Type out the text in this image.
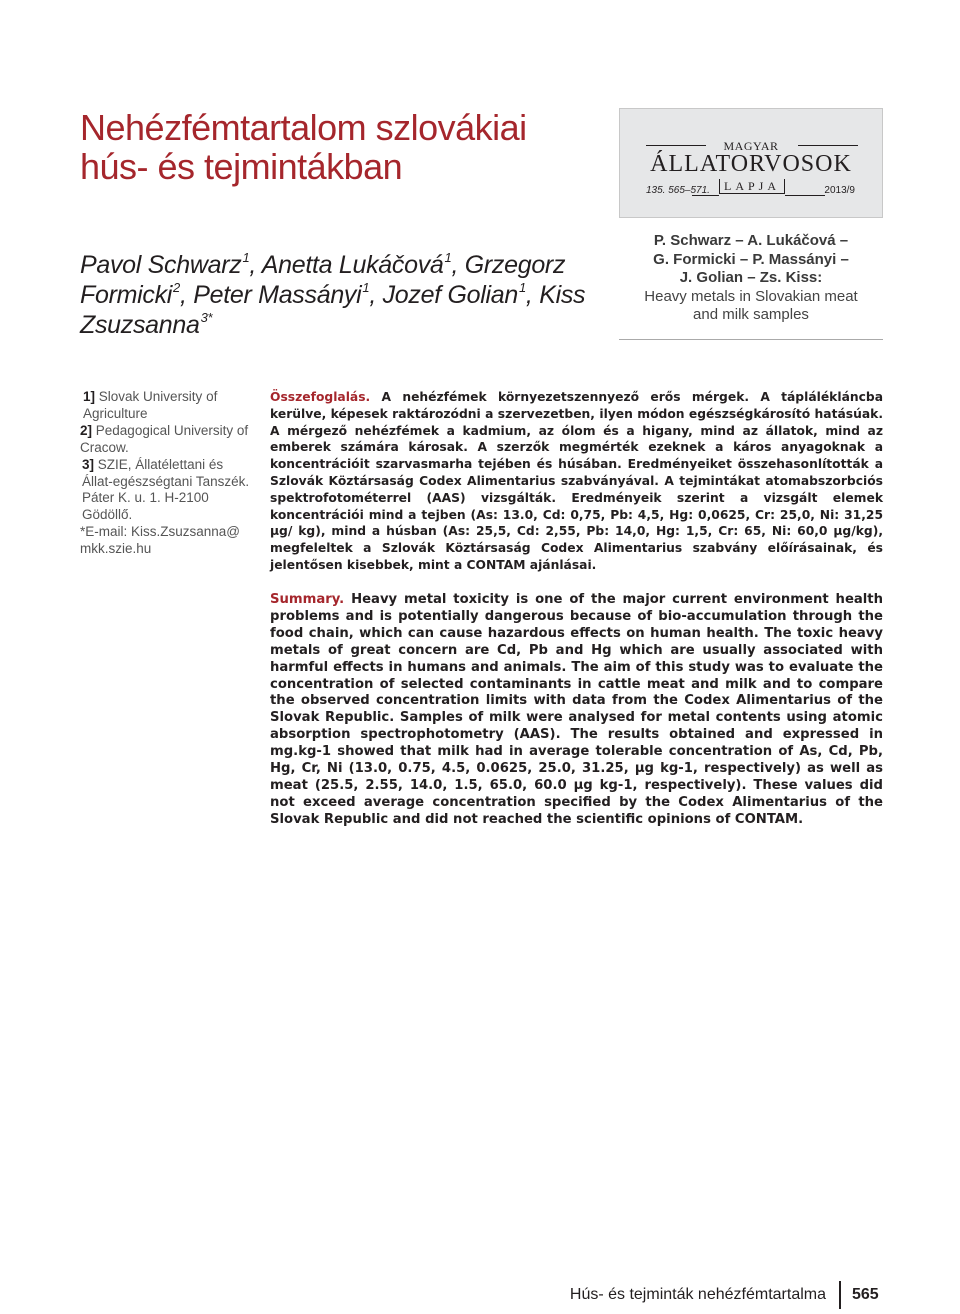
Nehézfémtartalom szlovákiai hús- és tejmintákban
Pavol Schwarz$^1$, Anetta Lukáčová$^1$, Grzegorz Formicki$^2$, Peter Massányi$^1$, Jozef Golian$^1$, Kiss Zsuzsanna$^{3*}$
MAGYAR
ÁLLATORVOSOK
LAPJA
135. 565–571.	2013/9
P. Schwarz – A. Lukáčová –
G. Formicki – P. Massányi –
J. Golian – Zs. Kiss:
Heavy metals in Slovakian meat
and milk samples
1] Slovak University of Agriculture
2] Pedagogical University of Cracow.
3] SZIE, Állatélettani és Állat-egészségtani Tanszék. Páter K. u. 1. H-2100 Gödöllő.
*E-mail: Kiss.Zsuzsanna@ mkk.szie.hu

Összefoglalás. A nehézfémek környezetszennyező erős mérgek. A táplálékláncba kerülve, képesek raktározódni a szervezetben, ilyen módon egészségkárosító hatásúak. A mérgező nehézfémek a kadmium, az ólom és a higany, mind az állatok, mind az emberek számára károsak. A szerzők megmérték ezeknek a káros anyagoknak a koncentrációit szarvasmarha tejében és húsában. Eredményeiket összehasonlították a Szlovák Köztársaság Codex Alimentarius szabványával. A tejmintákat atomabszorbciós spektrofotométerrel (AAS) vizsgálták. Eredményeik szerint a vizsgált elemek koncentrációi mind a tejben (As: 13.0, Cd: 0,75, Pb: 4,5, Hg: 0,0625, Cr: 25,0, Ni: 31,25 μg/ kg), mind a húsban (As: 25,5, Cd: 2,55, Pb: 14,0, Hg: 1,5, Cr: 65, Ni: 60,0 μg/kg), megfeleltek a Szlovák Köztársaság Codex Alimentarius szabvány előírásainak, és jelentősen kisebbek, mint a CONTAM ajánlásai.

Summary. Heavy metal toxicity is one of the major current environment health problems and is potentially dangerous because of bio-accumulation through the food chain, which can cause hazardous effects on human health. The toxic heavy metals of great concern are Cd, Pb and Hg which are usually associated with harmful effects in humans and animals. The aim of this study was to evaluate the concentration of selected contaminants in cattle meat and milk and to compare the observed concentration limits with data from the Codex Alimentarius of the Slovak Republic. Samples of milk were analysed for metal contents using atomic absorption spectrophotometry (AAS). The results obtained and expressed in mg.kg-1 showed that milk had in average tolerable concentration of As, Cd, Pb, Hg, Cr, Ni (13.0, 0.75, 4.5, 0.0625, 25.0, 31.25, µg kg-1, respectively) as well as meat (25.5, 2.55, 14.0, 1.5, 65.0, 60.0 µg kg-1, respectively). These values did not exceed average concentration specified by the Codex Alimentarius of the Slovak Republic and did not reached the scientific opinions of CONTAM.

Hús- és tejminták nehézfémtartalma 565
